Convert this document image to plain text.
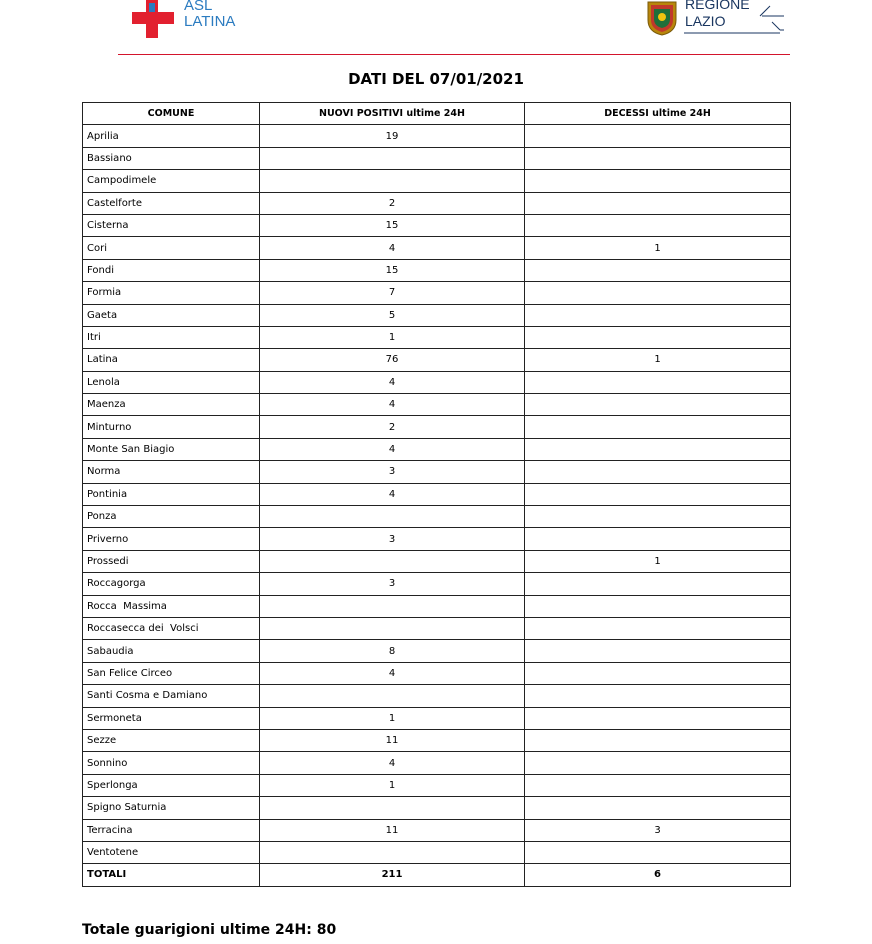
ASL
LATINA
REGIONE
LAZIO
DATI DEL 07/01/2021
COMUNE	NUOVI POSITIVI ultime 24H	DECESSI ultime 24H
Aprilia	19	
Bassiano		
Campodimele		
Castelforte	2	
Cisterna	15	
Cori	4	1
Fondi	15	
Formia	7	
Gaeta	5	
Itri	1	
Latina	76	1
Lenola	4	
Maenza	4	
Minturno	2	
Monte San Biagio	4	
Norma	3	
Pontinia	4	
Ponza		
Priverno	3	
Prossedi		1
Roccagorga	3	
Rocca  Massima		
Roccasecca dei  Volsci		
Sabaudia	8	
San Felice Circeo	4	
Santi Cosma e Damiano		
Sermoneta	1	
Sezze	11	
Sonnino	4	
Sperlonga	1	
Spigno Saturnia		
Terracina	11	3
Ventotene		
TOTALI	211	6
Totale guarigioni ultime 24H: 80
